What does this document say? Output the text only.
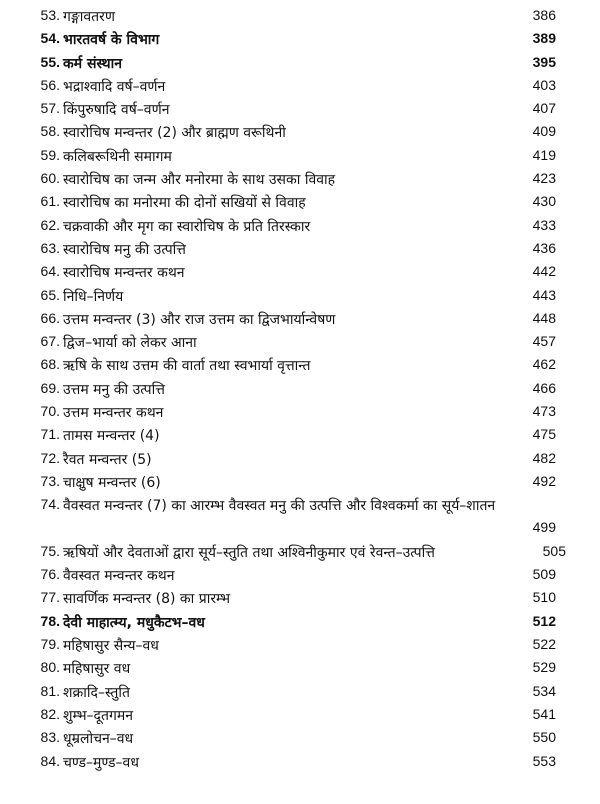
53. गङ्गावतरण	386
54. भारतवर्ष के विभाग	389
55. कर्म संस्थान	395
56. भद्राश्वादि वर्ष–वर्णन	403
57. किंपुरुषादि वर्ष–वर्णन	407
58. स्वारोचिष मन्वन्तर (2) और ब्राह्मण वरूथिनी	409
59. कलिबरूथिनी समागम	419
60. स्वारोचिष का जन्म और मनोरमा के साथ उसका विवाह	423
61. स्वारोचिष का मनोरमा की दोनों सखियों से विवाह	430
62. चक्रवाकी और मृग का स्वारोचिष के प्रति तिरस्कार	433
63. स्वारोचिष मनु की उत्पत्ति	436
64. स्वारोचिष मन्वन्तर कथन	442
65. निधि–निर्णय	443
66. उत्तम मन्वन्तर (3) और राज उत्तम का द्विजभार्यान्वेषण	448
67. द्विज–भार्या को लेकर आना	457
68. ऋषि के साथ उत्तम की वार्ता तथा स्वभार्या वृत्तान्त	462
69. उत्तम मनु की उत्पत्ति	466
70. उत्तम मन्वन्तर कथन	473
71. तामस मन्वन्तर (4)	475
72. रैवत मन्वन्तर (5)	482
73. चाक्षुष मन्वन्तर (6)	492
74. वैवस्वत मन्वन्तर (7) का आरम्भ वैवस्वत मनु की उत्पत्ति और विश्वकर्मा का सूर्य–शातन
499
75. ऋषियों और देवताओं द्वारा सूर्य–स्तुति तथा अश्विनीकुमार एवं रेवन्त–उत्पत्ति	505
76. वैवस्वत मन्वन्तर कथन	509
77. सावर्णिक मन्वन्तर (8) का प्रारम्भ	510
78. देवी माहात्म्य, मधुकैटभ–वध	512
79. महिषासुर सैन्य–वध	522
80. महिषासुर वध	529
81. शक्रादि–स्तुति	534
82. शुम्भ–दूतगमन	541
83. धूम्रलोचन–वध	550
84. चण्ड–मुण्ड–वध	553
